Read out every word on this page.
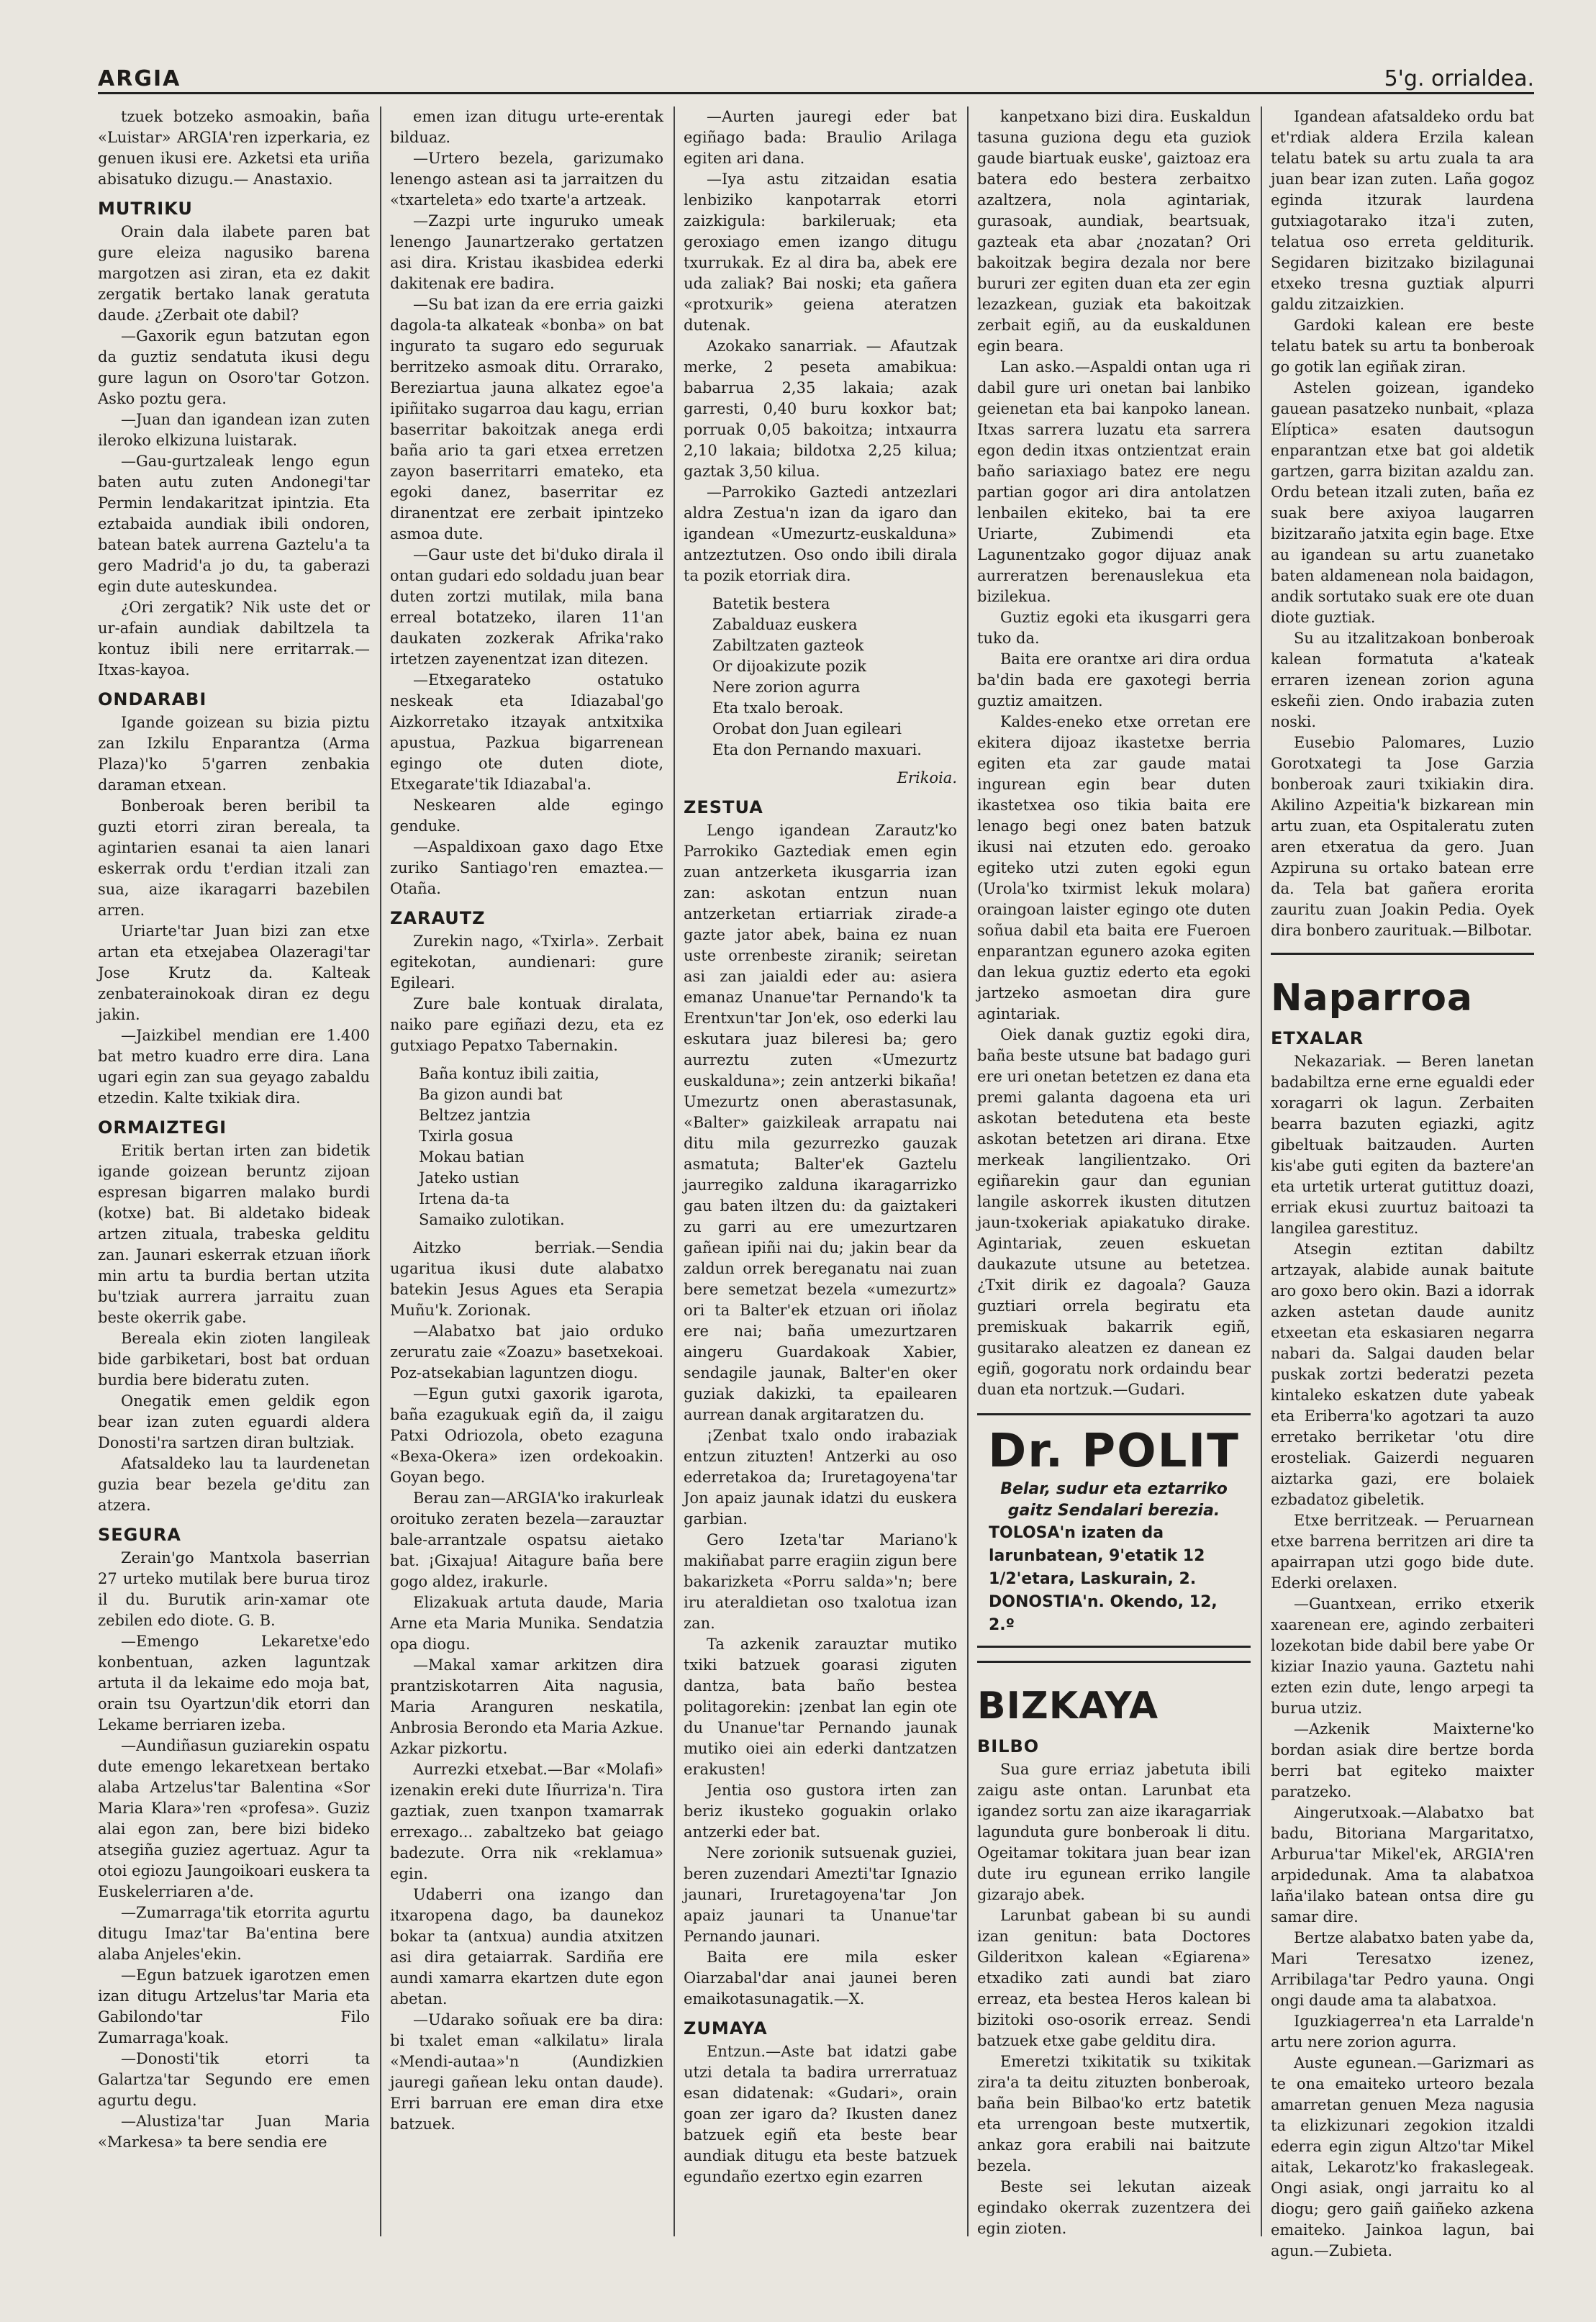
ARGIA	5'g. orrialdea.

tzuek botzeko asmoakin, baña «Luistar» ARGIA'ren izperkaria, ez genuen ikusi ere. Azketsi eta uriña abisatuko dizugu.— Anastaxio.

MUTRIKU

Orain dala ilabete paren bat gure eleiza nagusiko barena margotzen asi ziran, eta ez dakit zergatik bertako lanak geratuta daude. ¿Zerbait ote dabil?

—Gaxorik egun batzutan egon da guztiz sendatuta ikusi degu gure lagun on Osoro'tar Gotzon. Asko poztu gera.

—Juan dan igandean izan zuten ileroko elkizuna luistarak.

—Gau-gurtzaleak lengo egun baten autu zuten Andonegi'tar Permin lendakaritzat ipintzia. Eta eztabaida aundiak ibili ondoren, batean batek aurrena Gaztelu'a ta gero Madrid'a jo du, ta gaberazi egin dute auteskundea.

¿Ori zergatik? Nik uste det or ur-afain aundiak dabiltzela ta kontuz ibili nere erritarrak.— Itxas-kayoa.

ONDARABI

Igande goizean su bizia piztu zan Izkilu Enparantza (Arma Plaza)'ko 5'garren zenbakia daraman etxean.

Bonberoak beren beribil ta guzti etorri ziran bereala, ta agintarien esanai ta aien lanari eskerrak ordu t'erdian itzali zan sua, aize ikaragarri bazebilen arren.

Uriarte'tar Juan bizi zan etxe artan eta etxejabea Olazeragi'tar Jose Krutz da. Kalteak zenbaterainokoak diran ez degu jakin.

—Jaizkibel mendian ere 1.400 bat metro kuadro erre dira. Lana ugari egin zan sua geyago zabaldu etzedin. Kalte txikiak dira.

ORMAIZTEGI

Eritik bertan irten zan bidetik igande goizean beruntz zijoan espresan bigarren malako burdi (kotxe) bat. Bi aldetako bideak artzen zituala, trabeska gelditu zan. Jaunari eskerrak etzuan iñork min artu ta burdia bertan utzita bu'tziak aurrera jarraitu zuan beste okerrik gabe.

Bereala ekin zioten langileak bide garbiketari, bost bat orduan burdia bere bideratu zuten.

Onegatik emen geldik egon bear izan zuten eguardi aldera Donosti'ra sartzen diran bultziak.

Afatsaldeko lau ta laurdenetan guzia bear bezela ge'ditu zan atzera.

SEGURA

Zerain'go Mantxola baserrian 27 urteko mutilak bere burua tiroz il du. Burutik arin-xamar ote zebilen edo diote. G. B.

—Emengo Lekaretxe'edo konbentuan, azken laguntzak artuta il da lekaime edo moja bat, orain tsu Oyartzun'dik etorri dan Lekame berriaren izeba.

—Aundiñasun guziarekin ospatu dute emengo lekaretxean bertako alaba Artzelus'tar Balentina «Sor Maria Klara»'ren «profesa». Guziz alai egon zan, bere bizi bideko atsegiña guziez agertuaz. Agur ta otoi egiozu Jaungoikoari euskera ta Euskelerriaren a'de.

—Zumarraga'tik etorrita agurtu ditugu Imaz'tar Ba'entina bere alaba Anjeles'ekin.

—Egun batzuek igarotzen emen izan ditugu Artzelus'tar Maria eta Gabilondo'tar Filo Zumarraga'koak.

—Donosti'tik etorri ta Galartza'tar Segundo ere emen agurtu degu.

—Alustiza'tar Juan Maria «Markesa» ta bere sendia ere

emen izan ditugu urte-erentak bilduaz.

—Urtero bezela, garizumako lenengo astean asi ta jarraitzen du «txarteleta» edo txarte'a artzeak.

—Zazpi urte inguruko umeak lenengo Jaunartzerako gertatzen asi dira. Kristau ikasbidea ederki dakitenak ere badira.

—Su bat izan da ere erria gaizki dagola-ta alkateak «bonba» on bat ingurato ta sugaro edo seguruak berritzeko asmoak ditu. Orrarako, Bereziartua jauna alkatez egoe'a ipiñitako sugarroa dau kagu, errian baserritar bakoitzak anega erdi baña ario ta gari etxea erretzen zayon baserritarri emateko, eta egoki danez, baserritar ez diranentzat ere zerbait ipintzeko asmoa dute.

—Gaur uste det bi'duko dirala il ontan gudari edo soldadu juan bear duten zortzi mutilak, mila bana erreal botatzeko, ilaren 11'an daukaten zozkerak Afrika'rako irtetzen zayenentzat izan ditezen.

—Etxegarateko ostatuko neskeak eta Idiazabal'go Aizkorretako itzayak antxitxika apustua, Pazkua bigarrenean egingo ote duten diote, Etxegarate'tik Idiazabal'a.

Neskearen alde egingo genduke.

—Aspaldixoan gaxo dago Etxe zuriko Santiago'ren emaztea.—Otaña.

ZARAUTZ

Zurekin nago, «Txirla». Zerbait egitekotan, aundienari: gure Egileari.

Zure bale kontuak diralata, naiko pare egiñazi dezu, eta ez gutxiago Pepatxo Tabernakin.

Baña kontuz ibili zaitia,
Ba gizon aundi bat
Beltzez jantzia
Txirla gosua
Mokau batian
Jateko ustian
Irtena da-ta
Samaiko zulotikan.

Aitzko berriak.—Sendia ugaritua ikusi dute alabatxo batekin Jesus Agues eta Serapia Muñu'k. Zorionak.

—Alabatxo bat jaio orduko zeruratu zaie «Zoazu» basetxekoai. Poz-atsekabian laguntzen diogu.

—Egun gutxi gaxorik igarota, baña ezagukuak egiñ da, il zaigu Patxi Odriozola, obeto ezaguna «Bexa-Okera» izen ordekoakin. Goyan bego.

Berau zan—ARGIA'ko irakurleak oroituko zeraten bezela—zarauztar bale-arrantzale ospatsu aietako bat. ¡Gixajua! Aitagure baña bere gogo aldez, irakurle.

Elizakuak artuta daude, Maria Arne eta Maria Munika. Sendatzia opa diogu.

—Makal xamar arkitzen dira prantziskotarren Aita nagusia, Maria Aranguren neskatila, Anbrosia Berondo eta Maria Azkue. Azkar pizkortu.

Aurrezki etxebat.—Bar «Molafi» izenakin ereki dute Iñurriza'n. Tira gaztiak, zuen txanpon txamarrak errexago... zabaltzeko bat geiago badezute. Orra nik «reklamua» egin.

Udaberri ona izango dan itxaropena dago, ba daunekoz bokar ta (antxua) aundia atxitzen asi dira getaiarrak. Sardiña ere aundi xamarra ekartzen dute egon abetan.

—Udarako soñuak ere ba dira: bi txalet eman «alkilatu» lirala «Mendi-autaa»'n (Aundizkien jauregi gañean leku ontan daude). Erri barruan ere eman dira etxe batzuek.

—Aurten jauregi eder bat egiñago bada: Braulio Arilaga egiten ari dana.

—Iya astu zitzaidan esatia lenbiziko kanpotarrak etorri zaizkigula: barkileruak; eta geroxiago emen izango ditugu txurrukak. Ez al dira ba, abek ere uda zaliak? Bai noski; eta gañera «protxurik» geiena ateratzen dutenak.

Azokako sanarriak. — Afautzak merke, 2 peseta amabikua: babarrua 2,35 lakaia; azak garresti, 0,40 buru koxkor bat; porruak 0,05 bakoitza; intxaurra 2,10 lakaia; bildotxa 2,25 kilua; gaztak 3,50 kilua.

—Parrokiko Gaztedi antzezlari aldra Zestua'n izan da igaro dan igandean «Umezurtz-euskalduna» antzeztutzen. Oso ondo ibili dirala ta pozik etorriak dira.

Batetik bestera
Zabalduaz euskera
Zabiltzaten gazteok
Or dijoakizute pozik
Nere zorion agurra
Eta txalo beroak.
Orobat don Juan egileari
Eta don Pernando maxuari.

Erikoia.

ZESTUA

Lengo igandean Zarautz'ko Parrokiko Gaztediak emen egin zuan antzerketa ikusgarria izan zan: askotan entzun nuan antzerketan ertiarriak zirade-a gazte jator abek, baina ez nuan uste orrenbeste ziranik; seiretan asi zan jaialdi eder au: asiera emanaz Unanue'tar Pernando'k ta Erentxun'tar Jon'ek, oso ederki lau eskutara juaz bileresi ba; gero aurreztu zuten «Umezurtz euskalduna»; zein antzerki bikaña! Umezurtz onen aberastasunak, «Balter» gaizkileak arrapatu nai ditu mila gezurrezko gauzak asmatuta; Balter'ek Gaztelu jaurregiko zalduna ikaragarrizko gau baten iltzen du: da gaiztakeri zu garri au ere umezurtzaren gañean ipiñi nai du; jakin bear da zaldun orrek bereganatu nai zuan bere semetzat bezela «umezurtz» ori ta Balter'ek etzuan ori iñolaz ere nai; baña umezurtzaren aingeru Guardakoak Xabier, sendagile jaunak, Balter'en oker guziak dakizki, ta epailearen aurrean danak argitaratzen du.

¡Zenbat txalo ondo irabaziak entzun zituzten! Antzerki au oso ederretakoa da; Iruretagoyena'tar Jon apaiz jaunak idatzi du euskera garbian.

Gero Izeta'tar Mariano'k makiñabat parre eragiin zigun bere bakarizketa «Porru salda»'n; bere iru ateraldietan oso txalotua izan zan.

Ta azkenik zarauztar mutiko txiki batzuek goarasi ziguten dantza, bata baño bestea politagorekin: ¡zenbat lan egin ote du Unanue'tar Pernando jaunak mutiko oiei ain ederki dantzatzen erakusten!

Jentia oso gustora irten zan beriz ikusteko goguakin orlako antzerki eder bat.

Nere zorionik sutsuenak guziei, beren zuzendari Amezti'tar Ignazio jaunari, Iruretagoyena'tar Jon apaiz jaunari ta Unanue'tar Pernando jaunari.

Baita ere mila esker Oiarzabal'dar anai jaunei beren emaikotasunagatik.—X.

ZUMAYA

Entzun.—Aste bat idatzi gabe utzi detala ta badira urrerratuaz esan didatenak: «Gudari», orain goan zer igaro da? Ikusten danez batzuek egiñ eta beste bear aundiak ditugu eta beste batzuek egundaño ezertxo egin ezarren

kanpetxano bizi dira. Euskaldun tasuna guziona degu eta guziok gaude biartuak euske', gaiztoaz era batera edo bestera zerbaitxo azaltzera, nola agintariak, gurasoak, aundiak, beartsuak, gazteak eta abar ¿nozatan? Ori bakoitzak begira dezala nor bere bururi zer egiten duan eta zer egin lezazkean, guziak eta bakoitzak zerbait egiñ, au da euskaldunen egin beara.

Lan asko.—Aspaldi ontan uga ri dabil gure uri onetan bai lanbiko geienetan eta bai kanpoko lanean. Itxas sarrera luzatu eta sarrera egon dedin itxas ontzientzat erain baño sariaxiago batez ere negu partian gogor ari dira antolatzen lenbailen ekiteko, bai ta ere Uriarte, Zubimendi eta Lagunentzako gogor dijuaz anak aurreratzen berenauslekua eta bizilekua.

Guztiz egoki eta ikusgarri gera tuko da.

Baita ere orantxe ari dira ordua ba'din bada ere gaxotegi berria guztiz amaitzen.

Kaldes-eneko etxe orretan ere ekitera dijoaz ikastetxe berria egiten eta zar gaude matai ingurean egin bear duten ikastetxea oso tikia baita ere lenago begi onez baten batzuk ikusi nai etzuten edo. geroako egiteko utzi zuten egoki egun (Urola'ko txirmist lekuk molara) oraingoan laister egingo ote duten soñua dabil eta baita ere Fueroen enparantzan egunero azoka egiten dan lekua guztiz ederto eta egoki jartzeko asmoetan dira gure agintariak.

Oiek danak guztiz egoki dira, baña beste utsune bat badago guri ere uri onetan betetzen ez dana eta premi galanta dagoena eta uri askotan betedutena eta beste askotan betetzen ari dirana. Etxe merkeak langilientzako. Ori egiñarekin gaur dan egunian langile askorrek ikusten ditutzen jaun-txokeriak apiakatuko dirake. Agintariak, zeuen eskuetan daukazute utsune au betetzea. ¿Txit dirik ez dagoala? Gauza guztiari orrela begiratu eta premiskuak bakarrik egiñ, gusitarako aleatzen ez danean ez egiñ, gogoratu nork ordaindu bear duan eta nortzuk.—Gudari.

Dr. POLIT
Belar, sudur eta eztarriko gaitz Sendalari berezia.
TOLOSA'n izaten da larunbatean, 9'etatik 12 1/2'etara, Laskurain, 2.
DONOSTIA'n. Okendo, 12, 2.º
BIZKAYA
BILBO

Sua gure erriaz jabetuta ibili zaigu aste ontan. Larunbat eta igandez sortu zan aize ikaragarriak lagunduta gure bonberoak li ditu. Ogeitamar tokitara juan bear izan dute iru egunean erriko langile gizarajo abek.

Larunbat gabean bi su aundi izan genitun: bata Doctores Gilderitxon kalean «Egiarena» etxadiko zati aundi bat ziaro erreaz, eta bestea Heros kalean bi bizitoki oso-osorik erreaz. Sendi batzuek etxe gabe gelditu dira.

Emeretzi txikitatik su txikitak zira'a ta deitu zituzten bonberoak, baña bein Bilbao'ko ertz batetik eta urrengoan beste mutxertik, ankaz gora erabili nai baitzute bezela.

Beste sei lekutan aizeak egindako okerrak zuzentzera dei egin zioten.

Igandean afatsaldeko ordu bat et'rdiak aldera Erzila kalean telatu batek su artu zuala ta ara juan bear izan zuten. Laña gogoz eginda itzurak laurdena gutxiagotarako itza'i zuten, telatua oso erreta gelditurik. Segidaren bizitzako bizilagunai etxeko tresna guztiak alpurri galdu zitzaizkien.

Gardoki kalean ere beste telatu batek su artu ta bonberoak go gotik lan egiñak ziran.

Astelen goizean, igandeko gauean pasatzeko nunbait, «plaza Elíptica» esaten dautsogun enparantzan etxe bat goi aldetik gartzen, garra bizitan azaldu zan. Ordu betean itzali zuten, baña ez suak bere axiyoa laugarren bizitzaraño jatxita egin bage. Etxe au igandean su artu zuanetako baten aldamenean nola baidagon, andik sortutako suak ere ote duan diote guztiak.

Su au itzalitzakoan bonberoak kalean formatuta a'kateak erraren izenean zorion aguna eskeñi zien. Ondo irabazia zuten noski.

Eusebio Palomares, Luzio Gorotxategi ta Jose Garzia bonberoak zauri txikiakin dira. Akilino Azpeitia'k bizkarean min artu zuan, eta Ospitaleratu zuten aren etxeratua da gero. Juan Azpiruna su ortako batean erre da. Tela bat gañera erorita zauritu zuan Joakin Pedia. Oyek dira bonbero zaurituak.—Bilbotar.

Naparroa
ETXALAR

Nekazariak. — Beren lanetan badabiltza erne erne egualdi eder xoragarri ok lagun. Zerbaiten bearra bazuten egiazki, agitz gibeltuak baitzauden. Aurten kis'abe guti egiten da baztere'an eta urtetik urterat gutittuz doazi, erriak ekusi zuurtuz baitoazi ta langilea garestituz.

Atsegin eztitan dabiltz artzayak, alabide aunak baitute aro goxo bero okin. Bazi a idorrak azken astetan daude aunitz etxeetan eta eskasiaren negarra nabari da. Salgai dauden belar puskak zortzi bederatzi pezeta kintaleko eskatzen dute yabeak eta Eriberra'ko agotzari ta auzo erretako berriketar 'otu dire erosteliak. Gaizerdi neguaren aiztarka gazi, ere bolaiek ezbadatoz gibeletik.

Etxe berritzeak. — Peruarnean etxe barrena berritzen ari dire ta apairrapan utzi gogo bide dute. Ederki orelaxen.

—Guantxean, erriko etxerik xaarenean ere, agindo zerbaiteri lozekotan bide dabil bere yabe Or kiziar Inazio yauna. Gaztetu nahi ezten ezin dute, lengo arpegi ta burua utziz.

—Azkenik Maixterne'ko bordan asiak dire bertze borda berri bat egiteko maixter paratzeko.

Aingerutxoak.—Alabatxo bat badu, Bitoriana Margaritatxo, Arburua'tar Mikel'ek, ARGIA'ren arpidedunak. Ama ta alabatxoa laña'ilako batean ontsa dire gu samar dire.

Bertze alabatxo baten yabe da, Mari Teresatxo izenez, Arribilaga'tar Pedro yauna. Ongi ongi daude ama ta alabatxoa.

Iguzkiagerrea'n eta Larralde'n artu nere zorion agurra.

Auste egunean.—Garizmari as te ona emaiteko urteoro bezala amarretan genuen Meza nagusia ta elizkizunari zegokion itzaldi ederra egin zigun Altzo'tar Mikel aitak, Lekarotz'ko frakaslegeak. Ongi asiak, ongi jarraitu ko al diogu; gero gaiñ gaiñeko azkena emaiteko. Jainkoa lagun, bai agun.—Zubieta.
